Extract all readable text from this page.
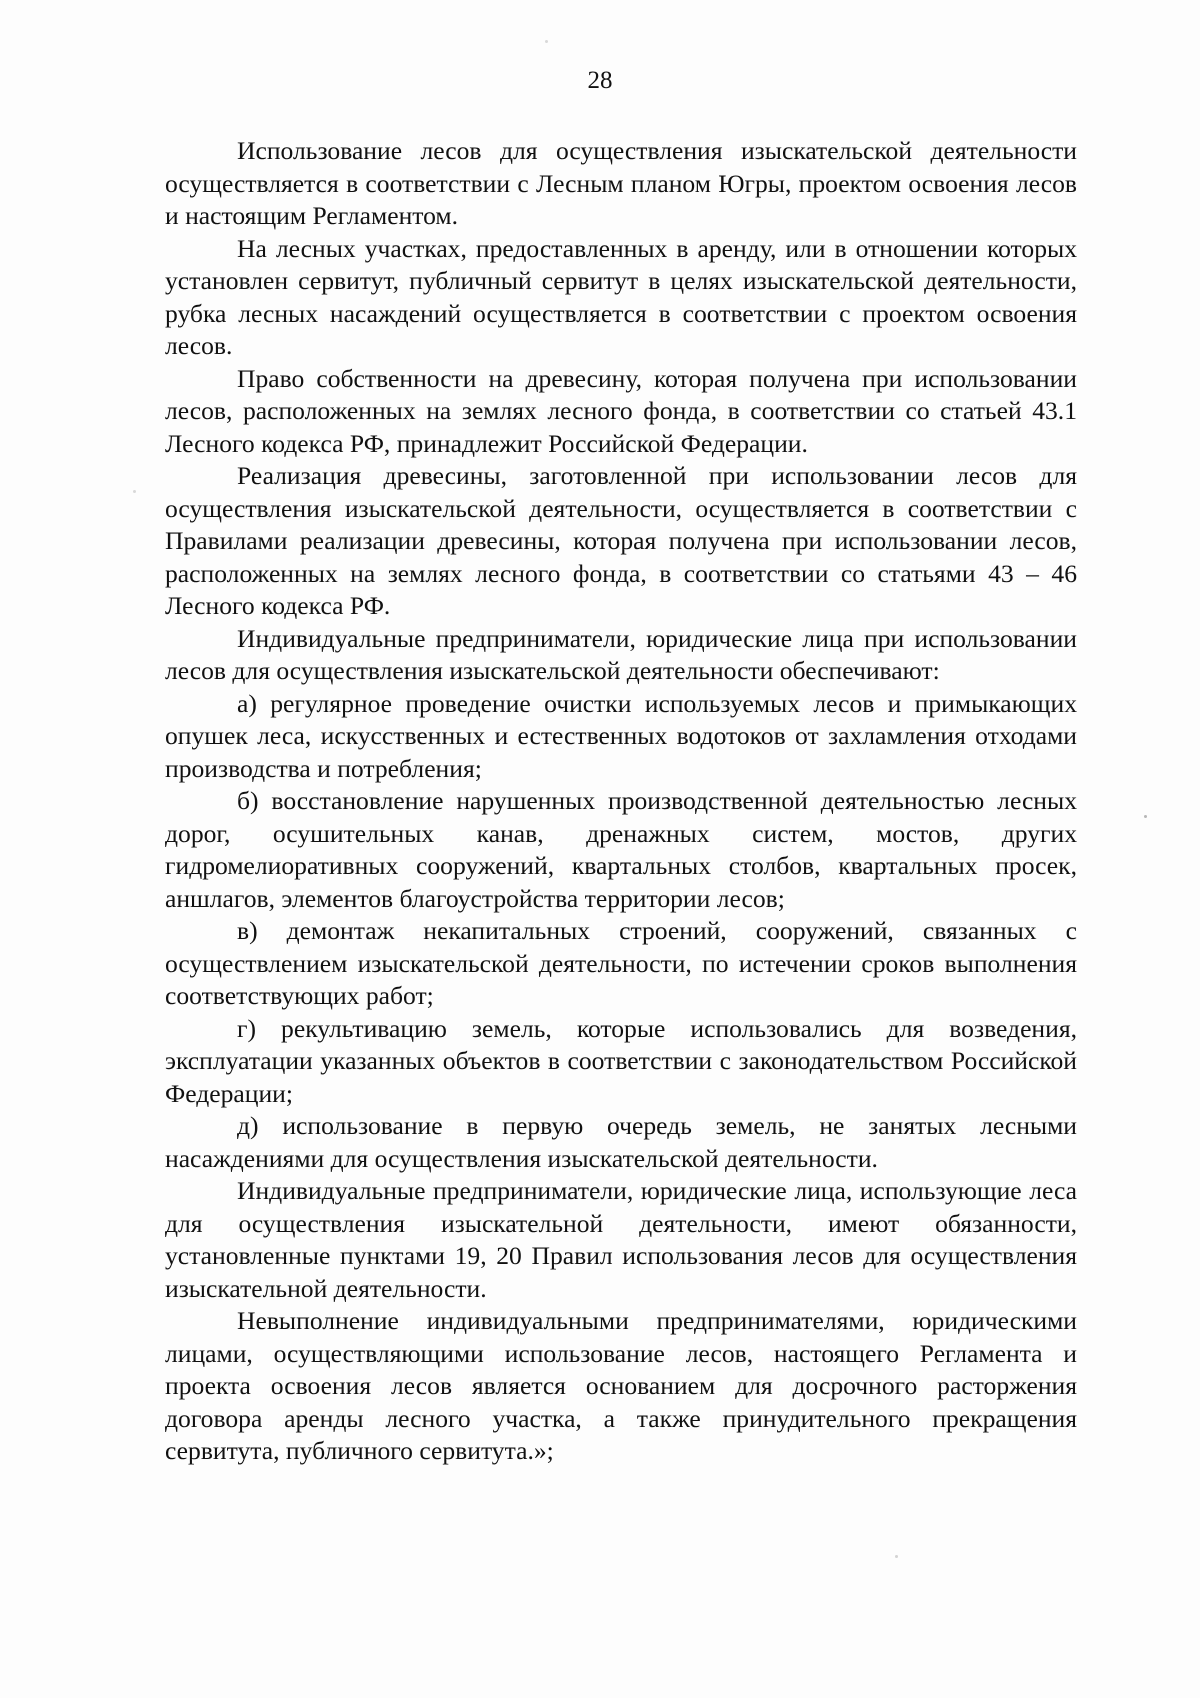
28

Использование лесов для осуществления изыскательской деятельности осуществляется в соответствии с Лесным планом Югры, проектом освоения лесов и настоящим Регламентом.

На лесных участках, предоставленных в аренду, или в отношении которых установлен сервитут, публичный сервитут в целях изыскательской деятельности, рубка лесных насаждений осуществляется в соответствии с проектом освоения лесов.

Право собственности на древесину, которая получена при использовании лесов, расположенных на землях лесного фонда, в соответствии со статьей 43.1 Лесного кодекса РФ, принадлежит Российской Федерации.

Реализация древесины, заготовленной при использовании лесов для осуществления изыскательской деятельности, осуществляется в соответствии с Правилами реализации древесины, которая получена при использовании лесов, расположенных на землях лесного фонда, в соответствии со статьями 43 – 46 Лесного кодекса РФ.

Индивидуальные предприниматели, юридические лица при использовании лесов для осуществления изыскательской деятельности обеспечивают:

а) регулярное проведение очистки используемых лесов и примыкающих опушек леса, искусственных и естественных водотоков от захламления отходами производства и потребления;

б) восстановление нарушенных производственной деятельностью лесных дорог, осушительных канав, дренажных систем, мостов, других гидромелиоративных сооружений, квартальных столбов, квартальных просек, аншлагов, элементов благоустройства территории лесов;

в) демонтаж некапитальных строений, сооружений, связанных с осуществлением изыскательской деятельности, по истечении сроков выполнения соответствующих работ;

г) рекультивацию земель, которые использовались для возведения, эксплуатации указанных объектов в соответствии с законодательством Российской Федерации;

д) использование в первую очередь земель, не занятых лесными насаждениями для осуществления изыскательской деятельности.

Индивидуальные предприниматели, юридические лица, использующие леса для осуществления изыскательной деятельности, имеют обязанности, установленные пунктами 19, 20 Правил использования лесов для осуществления изыскательной деятельности.

Невыполнение индивидуальными предпринимателями, юридическими лицами, осуществляющими использование лесов, настоящего Регламента и проекта освоения лесов является основанием для досрочного расторжения договора аренды лесного участка, а также принудительного прекращения сервитута, публичного сервитута.»;
